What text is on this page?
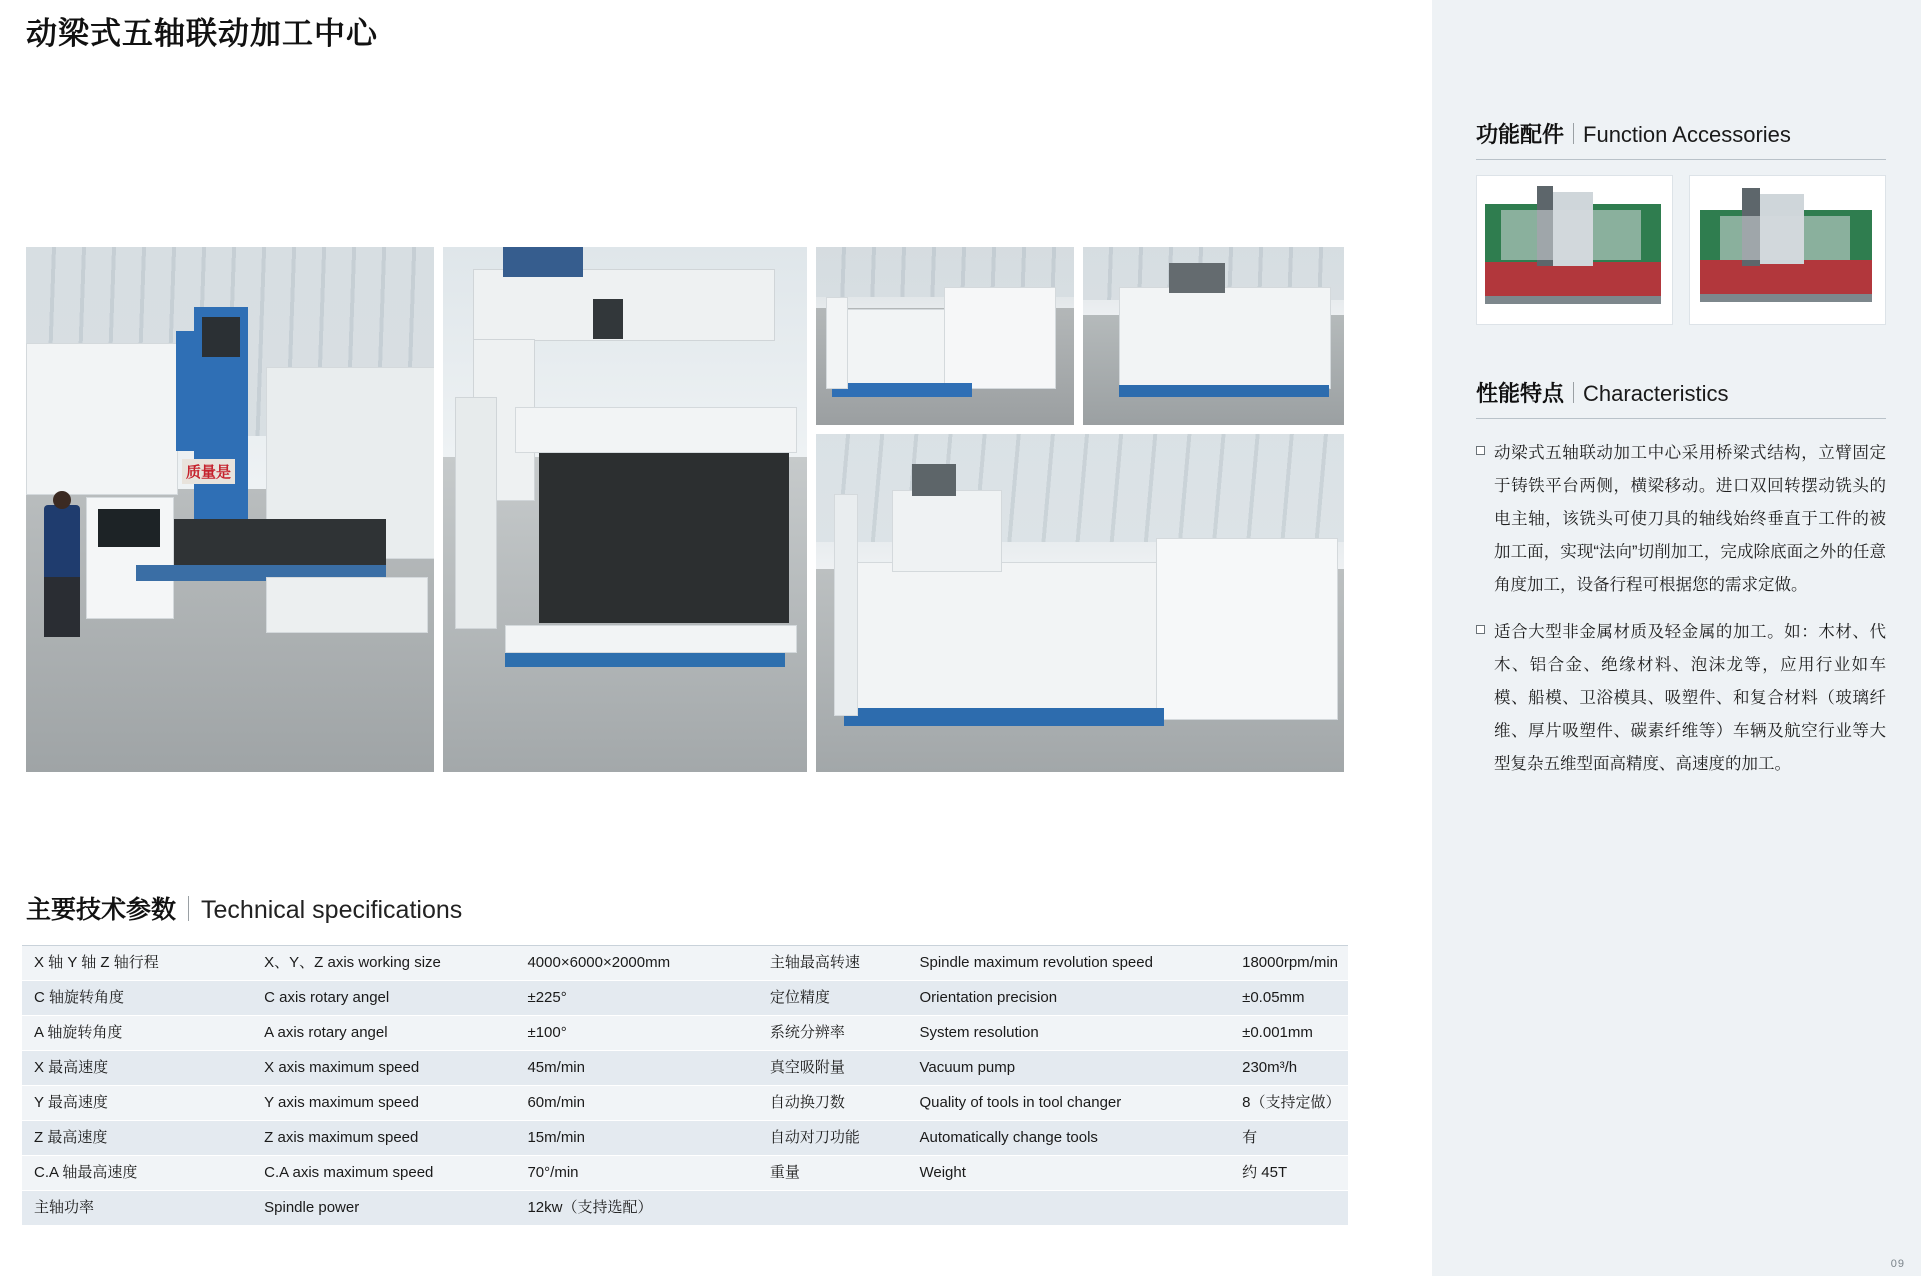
动梁式五轴联动加工中心
质量是
主要技术参数 Technical specifications
X 轴 Y 轴 Z 轴行程	X、Y、Z axis working size	4000×6000×2000mm	主轴最高转速	Spindle maximum revolution speed	18000rpm/min
C 轴旋转角度	C axis rotary angel	±225°	定位精度	Orientation precision	±0.05mm
A 轴旋转角度	A axis rotary angel	±100°	系统分辨率	System resolution	±0.001mm
X 最高速度	X axis maximum speed	45m/min	真空吸附量	Vacuum pump	230m³/h
Y 最高速度	Y axis maximum speed	60m/min	自动换刀数	Quality of tools in tool changer	8（支持定做）
Z 最高速度	Z axis maximum speed	15m/min	自动对刀功能	Automatically change tools	有
C.A 轴最高速度	C.A axis maximum speed	70°/min	重量	Weight	约 45T
主轴功率	Spindle power	12kw（支持选配）			
功能配件 Function Accessories
性能特点 Characteristics
动梁式五轴联动加工中心采用桥梁式结构，立臂固定于铸铁平台两侧，横梁移动。进口双回转摆动铣头的电主轴，该铣头可使刀具的轴线始终垂直于工件的被加工面，实现“法向”切削加工，完成除底面之外的任意角度加工，设备行程可根据您的需求定做。
适合大型非金属材质及轻金属的加工。如：木材、代木、铝合金、绝缘材料、泡沫龙等，应用行业如车模、船模、卫浴模具、吸塑件、和复合材料（玻璃纤维、厚片吸塑件、碳素纤维等）车辆及航空行业等大型复杂五维型面高精度、高速度的加工。
09
